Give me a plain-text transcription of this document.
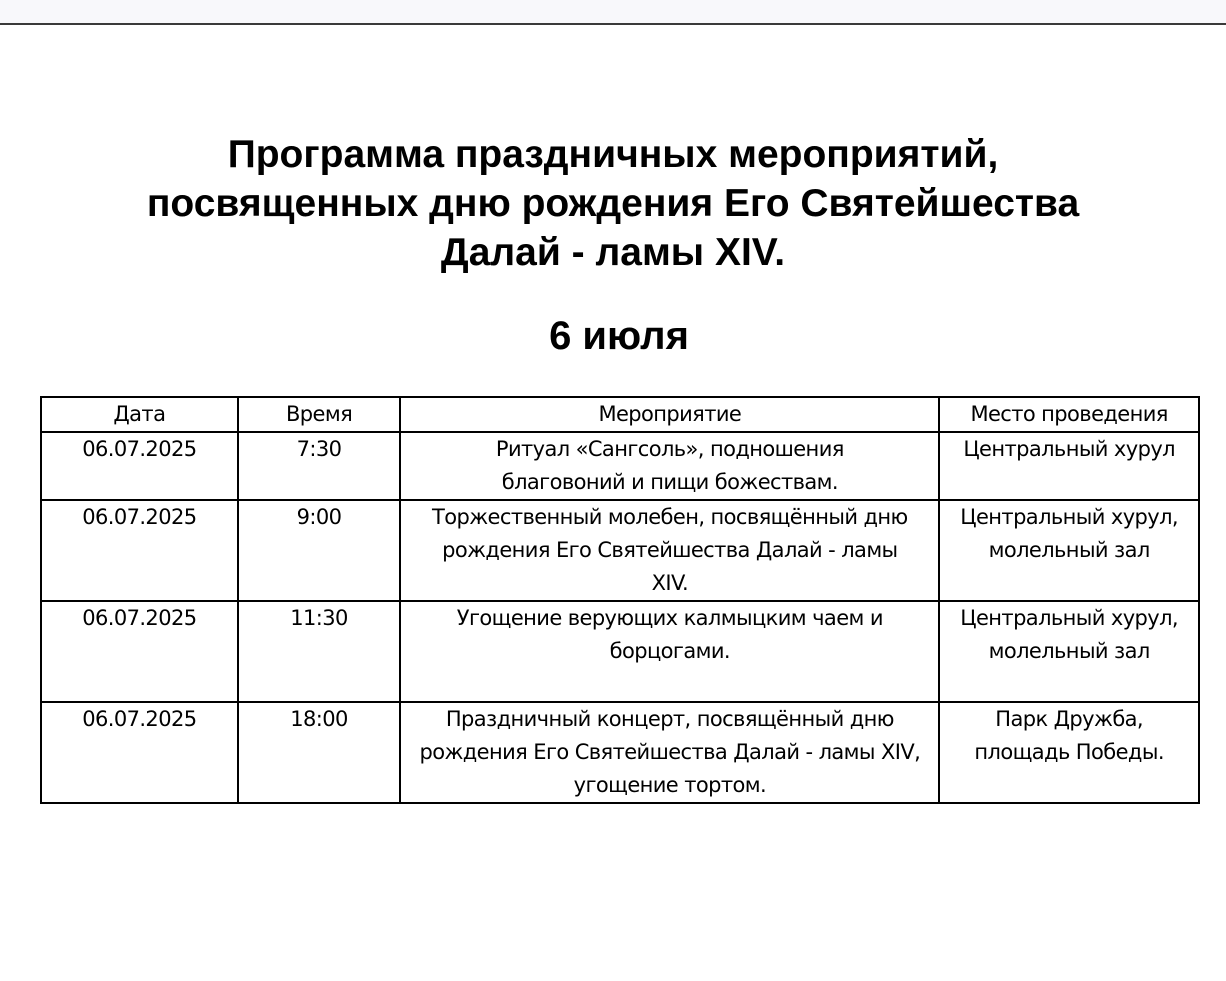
Программа праздничных мероприятий,
посвященных дню рождения Его Святейшества
Далай - ламы XIV.
6 июля
Дата	Время	Мероприятие	Место проведения
06.07.2025	7:30	Ритуал «Сангсоль», подношения благовоний и пищи божествам.	Центральный хурул
06.07.2025	9:00	Торжественный молебен, посвящённый дню рождения Его Святейшества Далай - ламы XIV.	Центральный хурул, молельный зал
06.07.2025	11:30	Угощение верующих калмыцким чаем и борцогами.	Центральный хурул, молельный зал
06.07.2025	18:00	Праздничный концерт, посвящённый дню рождения Его Святейшества Далай - ламы XIV, угощение тортом.	Парк Дружба, площадь Победы.
